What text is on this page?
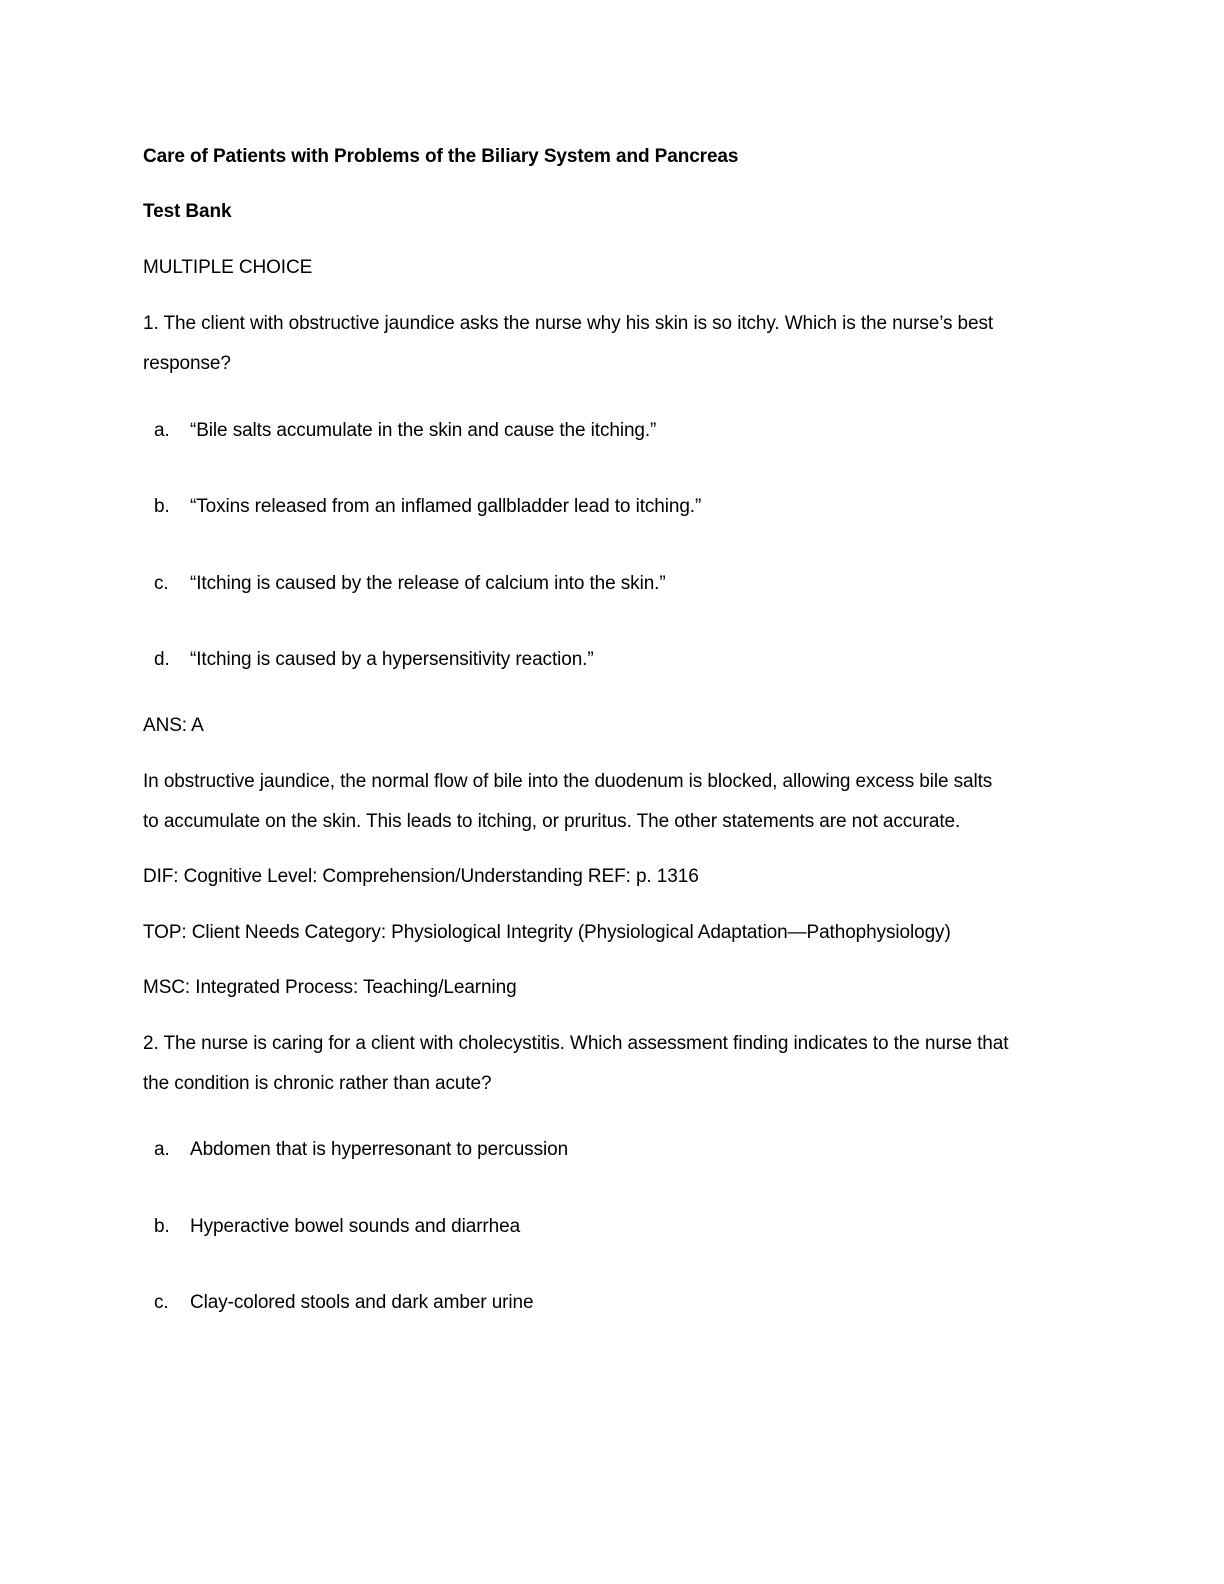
Care of Patients with Problems of the Biliary System and Pancreas
Test Bank
MULTIPLE CHOICE
1. The client with obstructive jaundice asks the nurse why his skin is so itchy. Which is the nurse’s best
response?
a. “Bile salts accumulate in the skin and cause the itching.”
b. “Toxins released from an inflamed gallbladder lead to itching.”
c. “Itching is caused by the release of calcium into the skin.”
d. “Itching is caused by a hypersensitivity reaction.”
ANS: A
In obstructive jaundice, the normal flow of bile into the duodenum is blocked, allowing excess bile salts
to accumulate on the skin. This leads to itching, or pruritus. The other statements are not accurate.
DIF: Cognitive Level: Comprehension/Understanding REF: p. 1316
TOP: Client Needs Category: Physiological Integrity (Physiological Adaptation—Pathophysiology)
MSC: Integrated Process: Teaching/Learning
2. The nurse is caring for a client with cholecystitis. Which assessment finding indicates to the nurse that
the condition is chronic rather than acute?
a. Abdomen that is hyperresonant to percussion
b. Hyperactive bowel sounds and diarrhea
c. Clay-colored stools and dark amber urine
